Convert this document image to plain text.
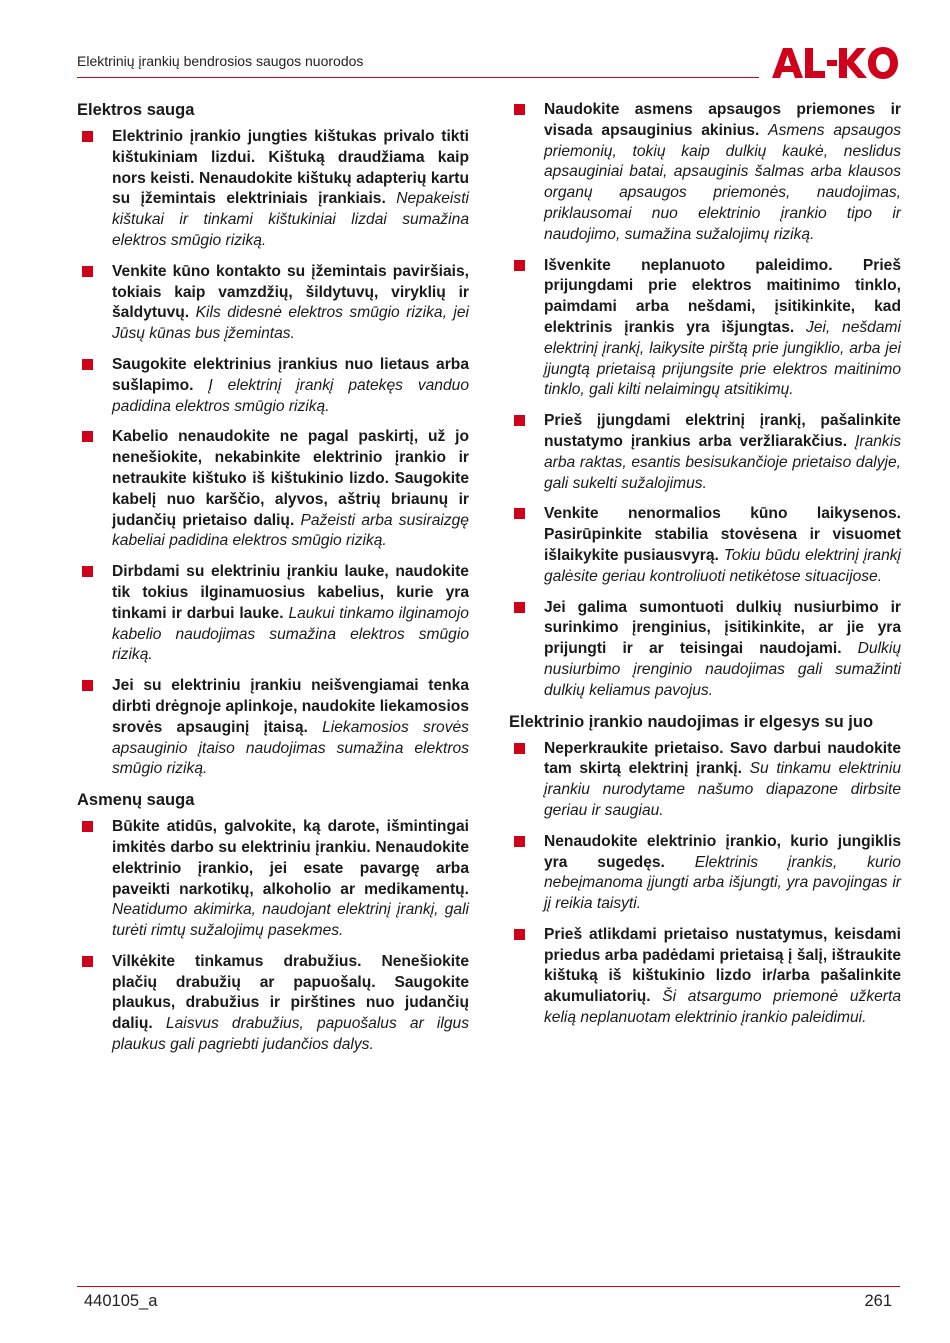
Elektrinių įrankių bendrosios saugos nuorodos
Elektros sauga
Elektrinio įrankio jungties kištukas privalo tikti kištukiniam lizdui. Kištuką draudžiama kaip nors keisti. Nenaudokite kištukų adapterių kartu su įžemintais elektriniais įrankiais. Nepakeisti kištukai ir tinkami kištukiniai lizdai sumažina elektros smūgio riziką.
Venkite kūno kontakto su įžemintais paviršiais, tokiais kaip vamzdžių, šildytuvų, viryklių ir šaldytuvų. Kils didesnė elektros smūgio rizika, jei Jūsų kūnas bus įžemintas.
Saugokite elektrinius įrankius nuo lietaus arba sušlapimo. Į elektrinį įrankį patekęs vanduo padidina elektros smūgio riziką.
Kabelio nenaudokite ne pagal paskirtį, už jo nenešiokite, nekabinkite elektrinio įrankio ir netraukite kištuko iš kištukinio lizdo. Saugokite kabelį nuo karščio, alyvos, aštrių briaunų ir judančių prietaiso dalių. Pažeisti arba susiraizgę kabeliai padidina elektros smūgio riziką.
Dirbdami su elektriniu įrankiu lauke, naudokite tik tokius ilginamuosius kabelius, kurie yra tinkami ir darbui lauke. Laukui tinkamo ilginamojo kabelio naudojimas sumažina elektros smūgio riziką.
Jei su elektriniu įrankiu neišvengiamai tenka dirbti drėgnoje aplinkoje, naudokite liekamosios srovės apsauginį įtaisą. Liekamosios srovės apsauginio įtaiso naudojimas sumažina elektros smūgio riziką.
Asmenų sauga
Būkite atidūs, galvokite, ką darote, išmintingai imkitės darbo su elektriniu įrankiu. Nenaudokite elektrinio įrankio, jei esate pavargę arba paveikti narkotikų, alkoholio ar medikamentų. Neatidumo akimirka, naudojant elektrinį įrankį, gali turėti rimtų sužalojimų pasekmes.
Vilkėkite tinkamus drabužius. Nenešiokite plačių drabužių ar papuošalų. Saugokite plaukus, drabužius ir pirštines nuo judančių dalių. Laisvus drabužius, papuošalus ar ilgus plaukus gali pagriebti judančios dalys.
Naudokite asmens apsaugos priemones ir visada apsauginius akinius. Asmens apsaugos priemonių, tokių kaip dulkių kaukė, neslidus apsauginiai batai, apsauginis šalmas arba klausos organų apsaugos priemonės, naudojimas, priklausomai nuo elektrinio įrankio tipo ir naudojimo, sumažina sužalojimų riziką.
Išvenkite neplanuoto paleidimo. Prieš prijungdami prie elektros maitinimo tinklo, paimdami arba nešdami, įsitikinkite, kad elektrinis įrankis yra išjungtas. Jei, nešdami elektrinį įrankį, laikysite pirštą prie jungiklio, arba jei įjungtą prietaisą prijungsite prie elektros maitinimo tinklo, gali kilti nelaimingų atsitikimų.
Prieš įjungdami elektrinį įrankį, pašalinkite nustatymo įrankius arba veržliarakčius. Įrankis arba raktas, esantis besisukančioje prietaiso dalyje, gali sukelti sužalojimus.
Venkite nenormalios kūno laikysenos. Pasirūpinkite stabilia stovėsena ir visuomet išlaikykite pusiausvyrą. Tokiu būdu elektrinį įrankį galėsite geriau kontroliuoti netikėtose situacijose.
Jei galima sumontuoti dulkių nusiurbimo ir surinkimo įrenginius, įsitikinkite, ar jie yra prijungti ir ar teisingai naudojami. Dulkių nusiurbimo įrenginio naudojimas gali sumažinti dulkių keliamus pavojus.
Elektrinio įrankio naudojimas ir elgesys su juo
Neperkraukite prietaiso. Savo darbui naudokite tam skirtą elektrinį įrankį. Su tinkamu elektriniu įrankiu nurodytame našumo diapazone dirbsite geriau ir saugiau.
Nenaudokite elektrinio įrankio, kurio jungiklis yra sugedęs. Elektrinis įrankis, kurio nebeįmanoma įjungti arba išjungti, yra pavojingas ir jį reikia taisyti.
Prieš atlikdami prietaiso nustatymus, keisdami priedus arba padėdami prietaisą į šalį, ištraukite kištuką iš kištukinio lizdo ir/arba pašalinkite akumuliatorių. Ši atsargumo priemonė užkerta kelią neplanuotam elektrinio įrankio paleidimui.
440105_a	261
